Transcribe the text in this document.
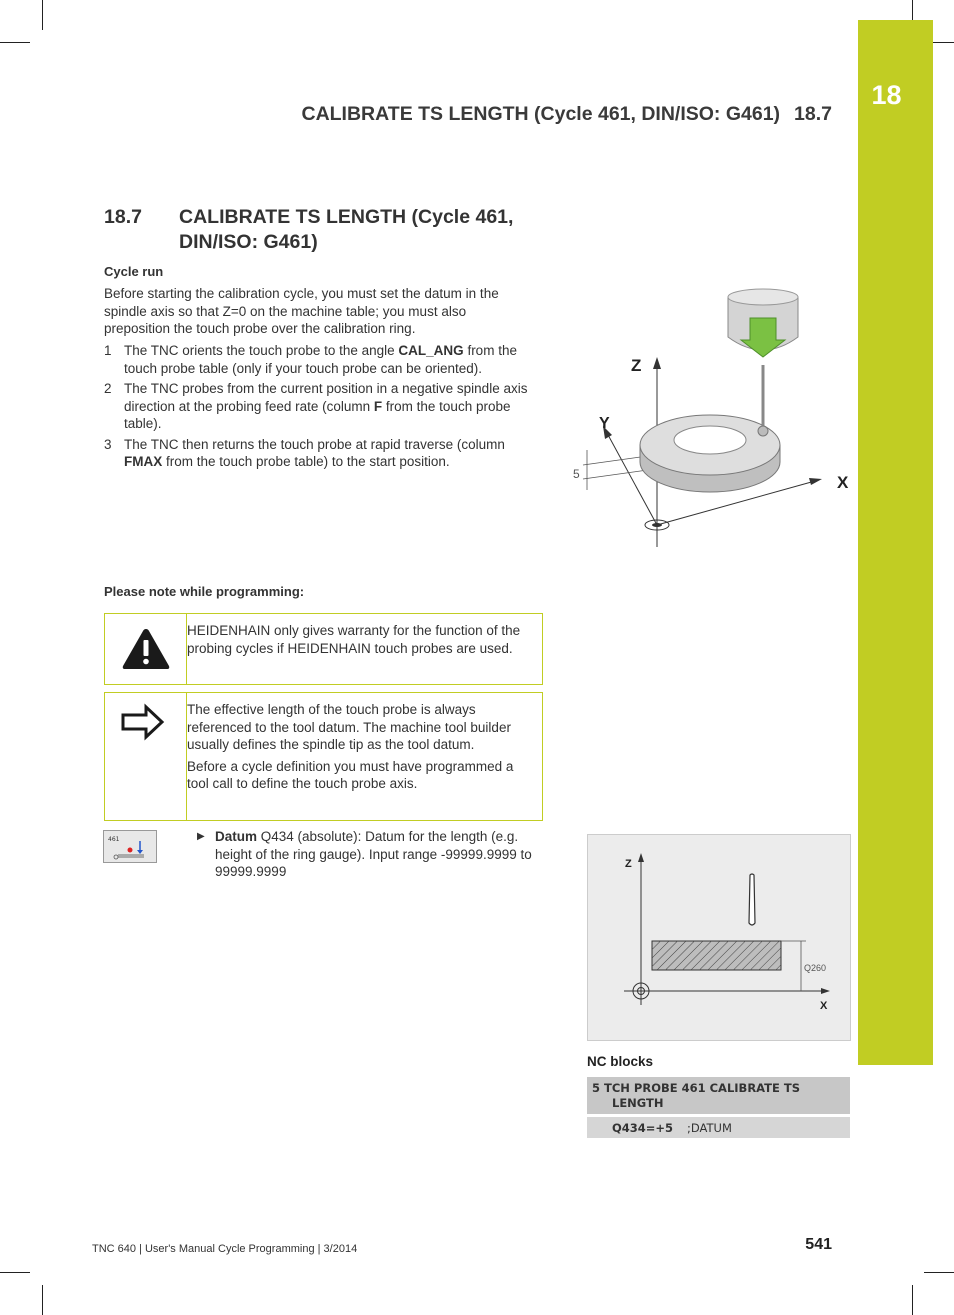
18
CALIBRATE TS LENGTH (Cycle 461, DIN/ISO: G461) 18.7
18.7	CALIBRATE TS LENGTH (Cycle 461, DIN/ISO: G461)
Cycle run
Before starting the calibration cycle, you must set the datum in the spindle axis so that Z=0 on the machine table; you must also preposition the touch probe over the calibration ring.
1 The TNC orients the touch probe to the angle CAL_ANG from the touch probe table (only if your touch probe can be oriented).
2 The TNC probes from the current position in a negative spindle axis direction at the probing feed rate (column F from the touch probe table).
3 The TNC then returns the touch probe at rapid traverse (column FMAX from the touch probe table) to the start position.
Z
Y
X
5
Please note while programming:

HEIDENHAIN only gives warranty for the function of the probing cycles if HEIDENHAIN touch probes are used.

The effective length of the touch probe is always referenced to the tool datum. The machine tool builder usually defines the spindle tip as the tool datum.

Before a cycle definition you must have programmed a tool call to define the touch probe axis.

461	▶ Datum Q434 (absolute): Datum for the length (e.g. height of the ring gauge). Input range -99999.9999 to 99999.9999	Z
X
Q260
NC blocks
5 TCH PROBE 461 CALIBRATE TS
LENGTH
Q434=+5 ;DATUM
TNC 640 | User's Manual Cycle Programming | 3/2014	541
